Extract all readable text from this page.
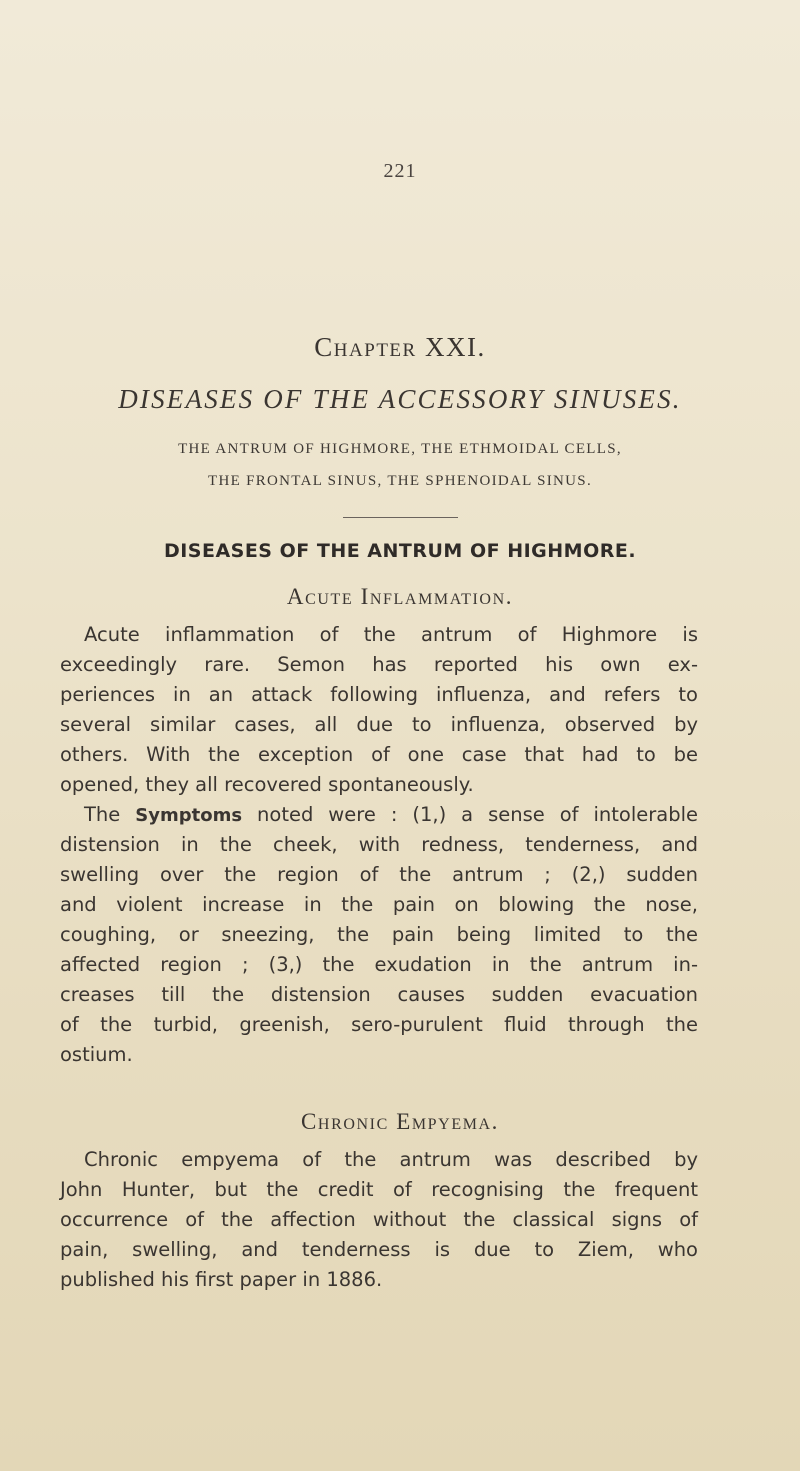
221
Chapter XXI.
DISEASES OF THE ACCESSORY SINUSES.
THE ANTRUM OF HIGHMORE, THE ETHMOIDAL CELLS,
THE FRONTAL SINUS, THE SPHENOIDAL SINUS.
DISEASES OF THE ANTRUM OF HIGHMORE.
Acute Inflammation.
Acute inflammation of the antrum of Highmore is
exceedingly rare. Semon has reported his own ex-
periences in an attack following influenza, and refers to
several similar cases, all due to influenza, observed by
others. With the exception of one case that had to be
opened, they all recovered spontaneously.
The Symptoms noted were : (1,) a sense of intolerable
distension in the cheek, with redness, tenderness, and
swelling over the region of the antrum ; (2,) sudden
and violent increase in the pain on blowing the nose,
coughing, or sneezing, the pain being limited to the
affected region ; (3,) the exudation in the antrum in-
creases till the distension causes sudden evacuation
of the turbid, greenish, sero-purulent fluid through the
ostium.
Chronic Empyema.
Chronic empyema of the antrum was described by
John Hunter, but the credit of recognising the frequent
occurrence of the affection without the classical signs of
pain, swelling, and tenderness is due to Ziem, who
published his first paper in 1886.
